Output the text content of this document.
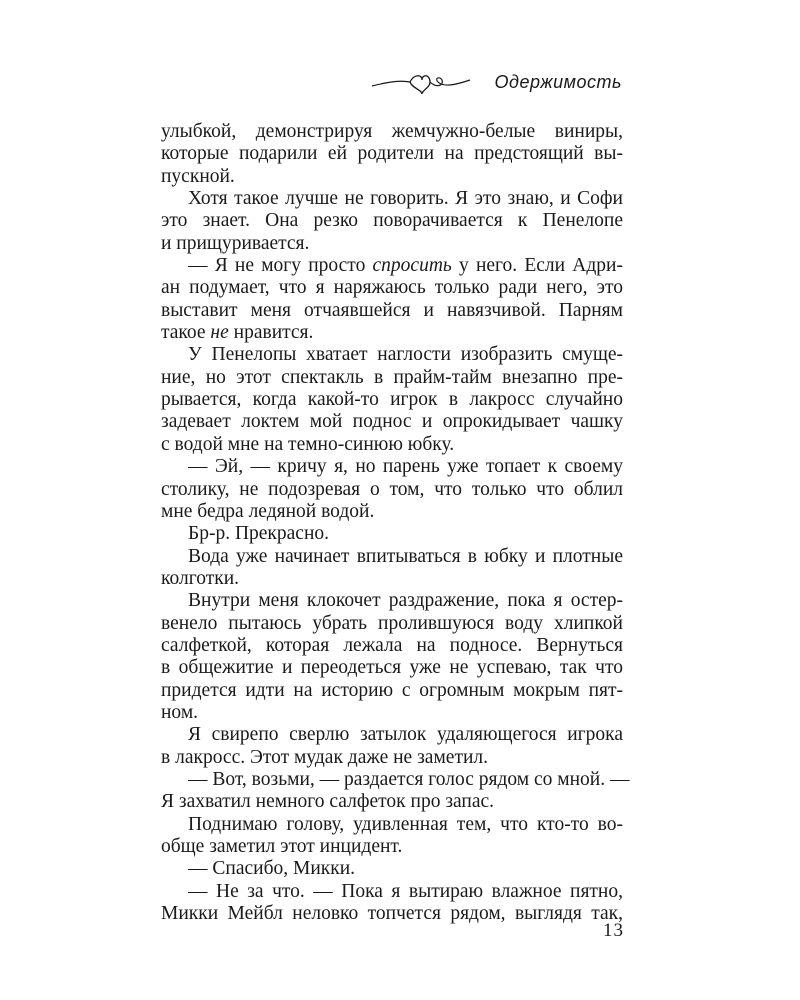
Одержимость
улыбкой, демонстрируя жемчужно-белые виниры,
которые подарили ей родители на предстоящий вы-
пускной.
Хотя такое лучше не говорить. Я это знаю, и Софи
это знает. Она резко поворачивается к Пенелопе
и прищуривается.
— Я не могу просто спросить у него. Если Адри-
ан подумает, что я наряжаюсь только ради него, это
выставит меня отчаявшейся и навязчивой. Парням
такое не нравится.
У Пенелопы хватает наглости изобразить смуще-
ние, но этот спектакль в прайм-тайм внезапно пре-
рывается, когда какой-то игрок в лакросс случайно
задевает локтем мой поднос и опрокидывает чашку
с водой мне на темно-синюю юбку.
— Эй, — кричу я, но парень уже топает к своему
столику, не подозревая о том, что только что облил
мне бедра ледяной водой.
Бр-р. Прекрасно.
Вода уже начинает впитываться в юбку и плотные
колготки.
Внутри меня клокочет раздражение, пока я остер-
венело пытаюсь убрать пролившуюся воду хлипкой
салфеткой, которая лежала на подносе. Вернуться
в общежитие и переодеться уже не успеваю, так что
придется идти на историю с огромным мокрым пят-
ном.
Я свирепо сверлю затылок удаляющегося игрока
в лакросс. Этот мудак даже не заметил.
— Вот, возьми, — раздается голос рядом со мной. —
Я захватил немного салфеток про запас.
Поднимаю голову, удивленная тем, что кто-то во-
обще заметил этот инцидент.
— Спасибо, Микки.
— Не за что. — Пока я вытираю влажное пятно,
Микки Мейбл неловко топчется рядом, выглядя так,
13
